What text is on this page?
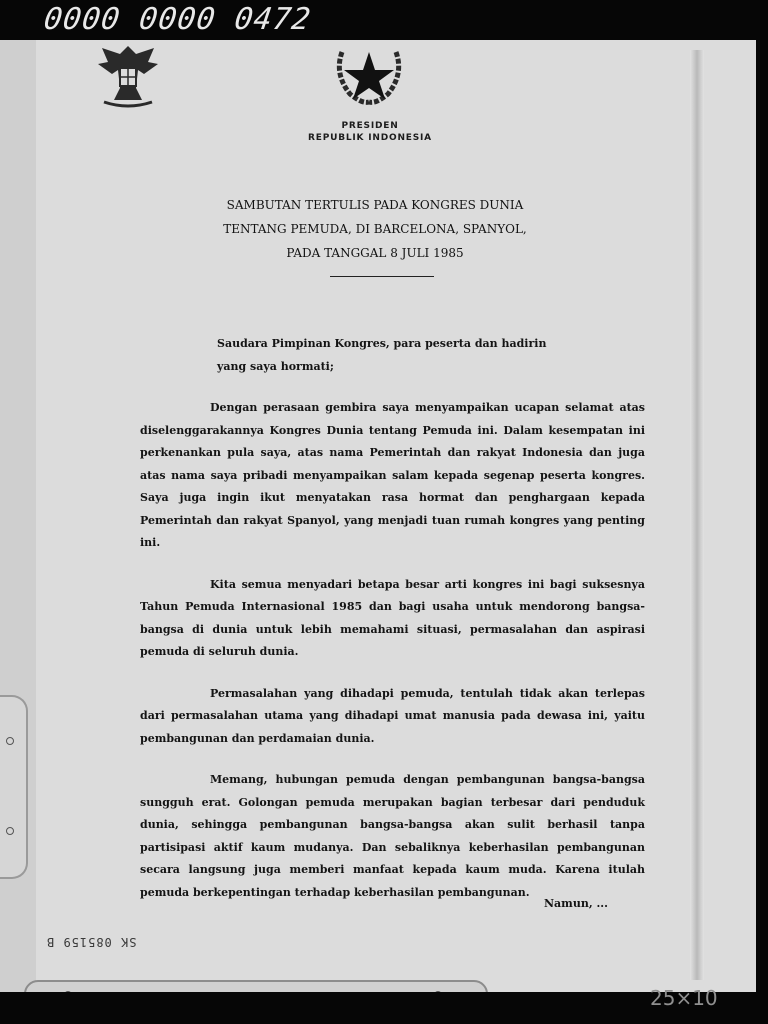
0000 0000 0472
PRESIDEN
REPUBLIK INDONESIA
SAMBUTAN TERTULIS PADA KONGRES DUNIA
TENTANG PEMUDA, DI BARCELONA, SPANYOL,
PADA TANGGAL 8 JULI 1985

Saudara Pimpinan Kongres, para peserta dan hadirin
yang saya hormati;

Dengan perasaan gembira saya menyampaikan ucapan selamat atas diselenggarakannya Kongres Dunia tentang Pemuda ini. Dalam kesempatan ini perkenankan pula saya, atas nama Pemerintah dan rakyat Indonesia dan juga atas nama saya pribadi menyampaikan salam kepada segenap peserta kongres. Saya juga ingin ikut menyatakan rasa hormat dan penghargaan kepada Pemerintah dan rakyat Spanyol, yang menjadi tuan rumah kongres yang penting ini.

Kita semua menyadari betapa besar arti kongres ini bagi suksesnya Tahun Pemuda Internasional 1985 dan bagi usaha untuk mendorong bangsa-bangsa di dunia untuk lebih memahami situasi, permasalahan dan aspirasi pemuda di seluruh dunia.

Permasalahan yang dihadapi pemuda, tentulah tidak akan terlepas dari permasalahan utama yang dihadapi umat manusia pada dewasa ini, yaitu pembangunan dan perdamaian dunia.

Memang, hubungan pemuda dengan pembangunan bangsa-bangsa sungguh erat. Golongan pemuda merupakan bagian terbesar dari penduduk dunia, sehingga pembangunan bangsa-bangsa akan sulit berhasil tanpa partisipasi aktif kaum mudanya. Dan sebaliknya keberhasilan pembangunan secara langsung juga memberi manfaat kepada kaum muda. Karena itulah pemuda berkepentingan terhadap keberhasilan pembangunan.

Namun, ...
SK 085159 B
25×10
